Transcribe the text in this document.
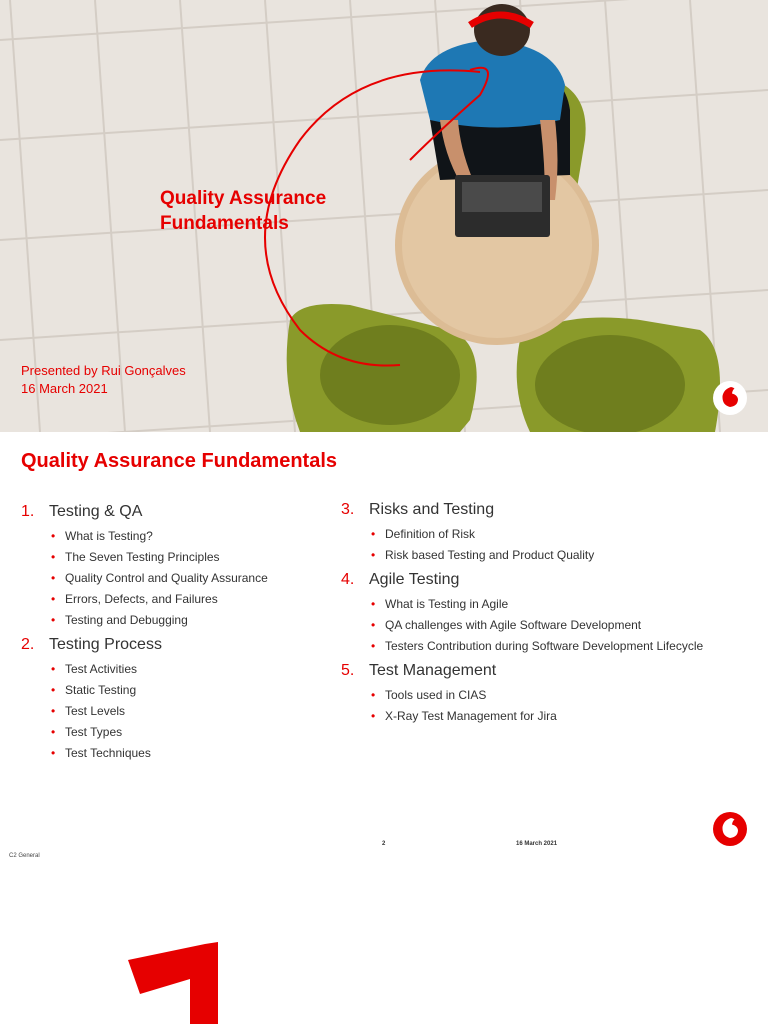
Quality Assurance
Fundamentals
Presented by Rui Gonçalves
16 March 2021
Quality Assurance Fundamentals
1. Testing & QA
• What is Testing?
• The Seven Testing Principles
• Quality Control and Quality Assurance
• Errors, Defects, and Failures
• Testing and Debugging
2. Testing Process
• Test Activities
• Static Testing
• Test Levels
• Test Types
• Test Techniques
3. Risks and Testing
• Definition of Risk
• Risk based Testing and Product Quality
4. Agile Testing
• What is Testing in Agile
• QA challenges with Agile Software Development
• Testers Contribution during Software Development Lifecycle
5. Test Management
• Tools used in CIAS
• X-Ray Test Management for Jira
2	16 March 2021
C2 General
